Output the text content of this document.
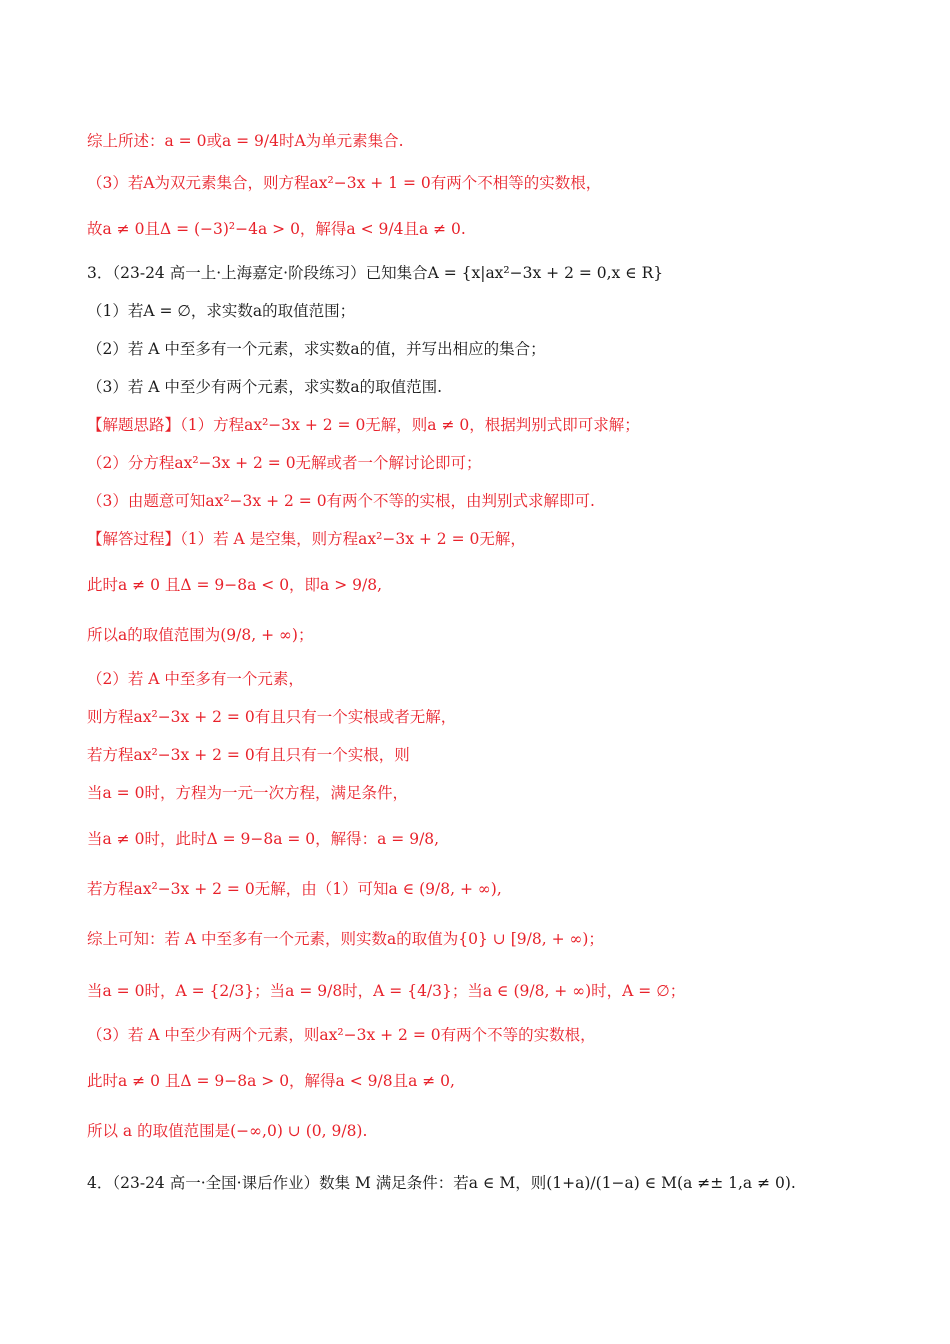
综上所述：a = 0或a = 9/4时A为单元素集合.
（3）若A为双元素集合，则方程ax²−3x + 1 = 0有两个不相等的实数根，
故a ≠ 0且Δ = (−3)²−4a > 0，解得a < 9/4且a ≠ 0.
3．（23-24 高一上·上海嘉定·阶段练习）已知集合A = {x|ax²−3x + 2 = 0,x ∈ R}
（1）若A = ∅，求实数a的取值范围；
（2）若 A 中至多有一个元素，求实数a的值，并写出相应的集合；
（3）若 A 中至少有两个元素，求实数a的取值范围.
【解题思路】（1）方程ax²−3x + 2 = 0无解，则a ≠ 0，根据判别式即可求解；
（2）分方程ax²−3x + 2 = 0无解或者一个解讨论即可；
（3）由题意可知ax²−3x + 2 = 0有两个不等的实根，由判别式求解即可.
【解答过程】（1）若 A 是空集，则方程ax²−3x + 2 = 0无解，
此时a ≠ 0 且Δ = 9−8a < 0，即a > 9/8,
所以a的取值范围为(9/8, + ∞)；
（2）若 A 中至多有一个元素，
则方程ax²−3x + 2 = 0有且只有一个实根或者无解，
若方程ax²−3x + 2 = 0有且只有一个实根，则
当a = 0时，方程为一元一次方程，满足条件，
当a ≠ 0时，此时Δ = 9−8a = 0，解得：a = 9/8,
若方程ax²−3x + 2 = 0无解，由（1）可知a ∈ (9/8, + ∞),
综上可知：若 A 中至多有一个元素，则实数a的取值为{0} ∪ [9/8, + ∞)；
当a = 0时，A = {2/3}；当a = 9/8时，A = {4/3}；当a ∈ (9/8, + ∞)时，A = ∅；
（3）若 A 中至少有两个元素，则ax²−3x + 2 = 0有两个不等的实数根，
此时a ≠ 0 且Δ = 9−8a > 0，解得a < 9/8且a ≠ 0,
所以 a 的取值范围是(−∞,0) ∪ (0, 9/8).
4．（23-24 高一·全国·课后作业）数集 M 满足条件：若a ∈ M，则(1+a)/(1−a) ∈ M(a ≠± 1,a ≠ 0).
